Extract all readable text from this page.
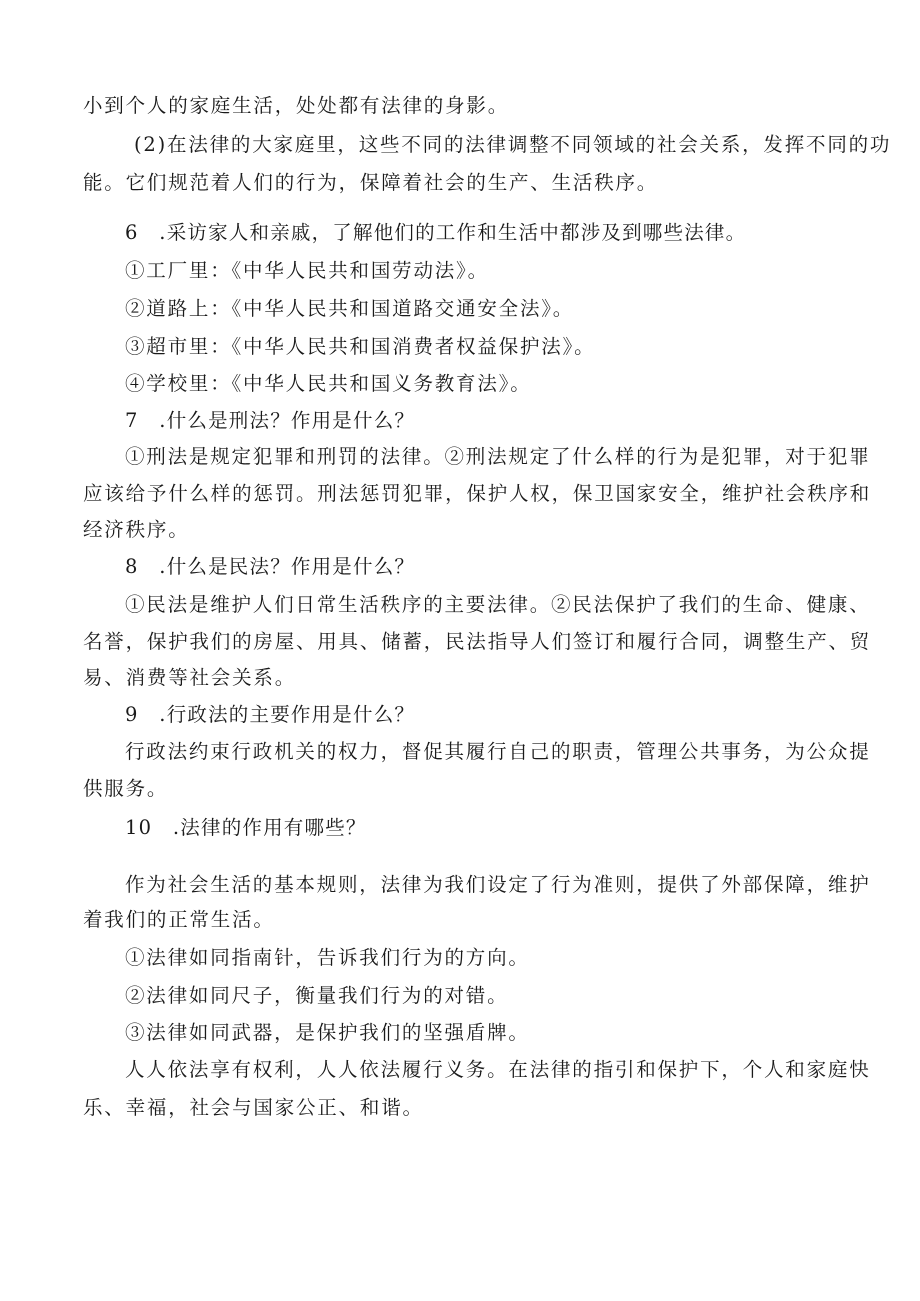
小到个人的家庭生活，处处都有法律的身影。
(2)在法律的大家庭里，这些不同的法律调整不同领域的社会关系，发挥不同的功
能。它们规范着人们的行为，保障着社会的生产、生活秩序。
6　.采访家人和亲戚，了解他们的工作和生活中都涉及到哪些法律。
①工厂里：《中华人民共和国劳动法》。
②道路上：《中华人民共和国道路交通安全法》。
③超市里：《中华人民共和国消费者权益保护法》。
④学校里：《中华人民共和国义务教育法》。
7　.什么是刑法？作用是什么？
①刑法是规定犯罪和刑罚的法律。②刑法规定了什么样的行为是犯罪，对于犯罪
应该给予什么样的惩罚。刑法惩罚犯罪，保护人权，保卫国家安全，维护社会秩序和
经济秩序。
8　.什么是民法？作用是什么？
①民法是维护人们日常生活秩序的主要法律。②民法保护了我们的生命、健康、
名誉，保护我们的房屋、用具、储蓄，民法指导人们签订和履行合同，调整生产、贸
易、消费等社会关系。
9　.行政法的主要作用是什么？
行政法约束行政机关的权力，督促其履行自己的职责，管理公共事务，为公众提
供服务。
10　.法律的作用有哪些？
作为社会生活的基本规则，法律为我们设定了行为准则，提供了外部保障，维护
着我们的正常生活。
①法律如同指南针，告诉我们行为的方向。
②法律如同尺子，衡量我们行为的对错。
③法律如同武器，是保护我们的坚强盾牌。
人人依法享有权利，人人依法履行义务。在法律的指引和保护下，个人和家庭快
乐、幸福，社会与国家公正、和谐。
